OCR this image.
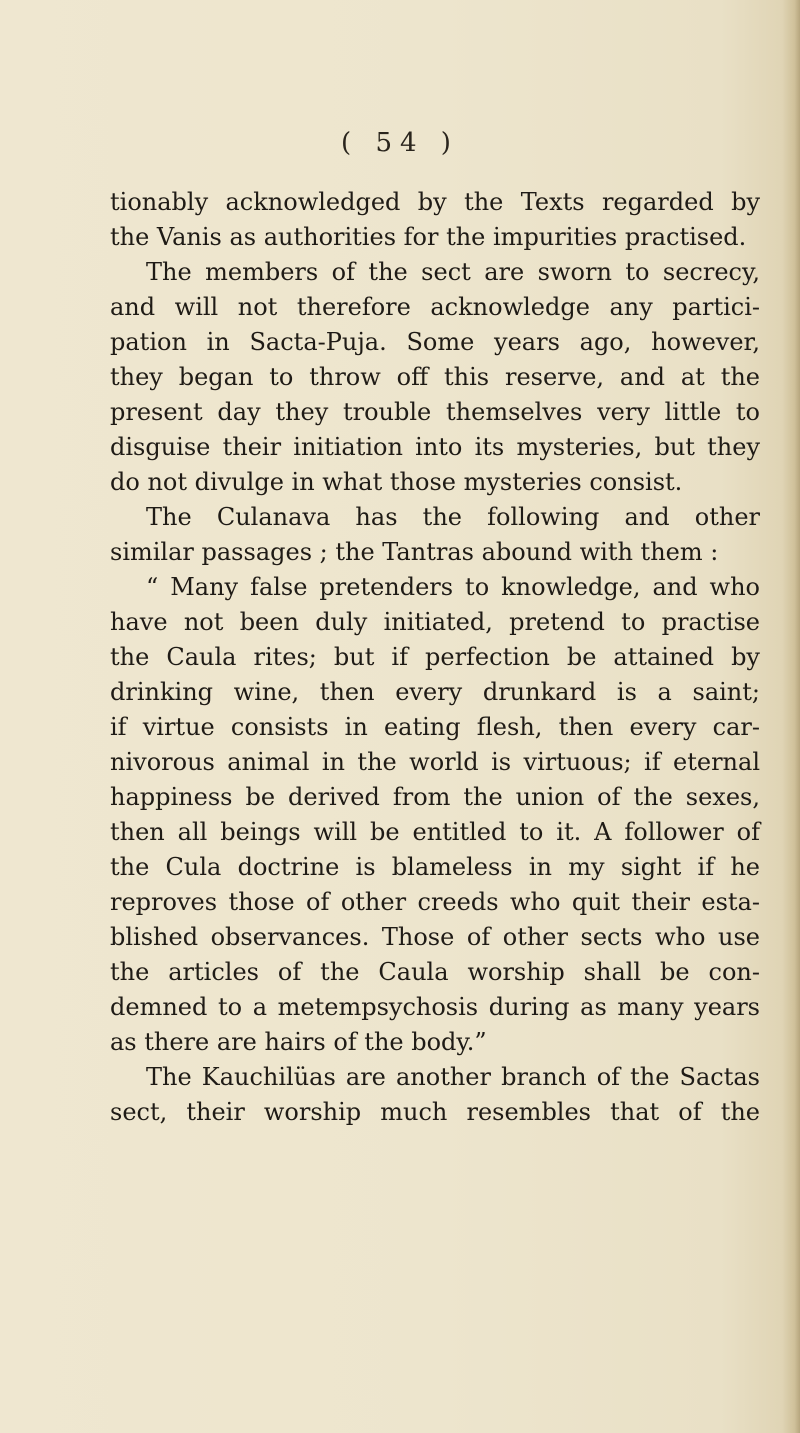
( 54 )
tionably acknowledged by the Texts regarded by
the Vanis as authorities for the impurities practised.
The members of the sect are sworn to secrecy,
and will not therefore acknowledge any partici-
pation in Sacta-Puja. Some years ago, however,
they began to throw off this reserve, and at the
present day they trouble themselves very little to
disguise their initiation into its mysteries, but they
do not divulge in what those mysteries consist.
The Culanava has the following and other
similar passages ; the Tantras abound with them :
“ Many false pretenders to knowledge, and who
have not been duly initiated, pretend to practise
the Caula rites; but if perfection be attained by
drinking wine, then every drunkard is a saint;
if virtue consists in eating flesh, then every car-
nivorous animal in the world is virtuous; if eternal
happiness be derived from the union of the sexes,
then all beings will be entitled to it. A follower of
the Cula doctrine is blameless in my sight if he
reproves those of other creeds who quit their esta-
blished observances. Those of other sects who use
the articles of the Caula worship shall be con-
demned to a metempsychosis during as many years
as there are hairs of the body.”
The Kauchilüas are another branch of the Sactas
sect, their worship much resembles that of the
